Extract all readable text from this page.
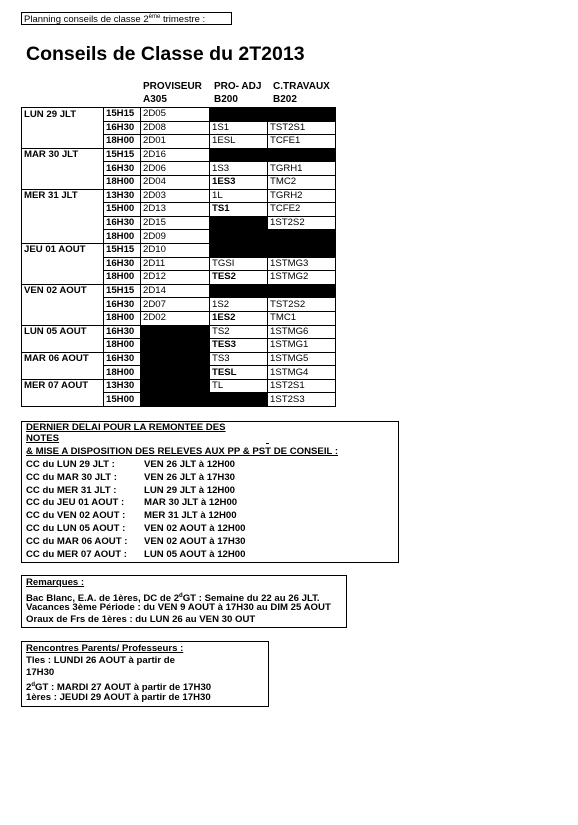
Planning conseils de classe 2ème trimestre :
Conseils de Classe du 2T2013
PROVISEUR
A305
PRO- ADJ
B200
C.TRAVAUX
B202
LUN 29 JLT	15H15	2D05		
	16H30	2D08	1S1	TST2S1
	18H00	2D01	1ESL	TCFE1
MAR 30 JLT	15H15	2D16		
	16H30	2D06	1S3	TGRH1
	18H00	2D04	1ES3	TMC2
MER 31 JLT	13H30	2D03	1L	TGRH2
	15H00	2D13	TS1	TCFE2
	16H30	2D15		1ST2S2
	18H00	2D09		
JEU 01 AOUT	15H15	2D10		
	16H30	2D11	TGSI	1STMG3
	18H00	2D12	TES2	1STMG2
VEN 02 AOUT	15H15	2D14		
	16H30	2D07	1S2	TST2S2
	18H00	2D02	1ES2	TMC1
LUN 05 AOUT	16H30		TS2	1STMG6
	18H00		TES3	1STMG1
MAR 06 AOUT	16H30		TS3	1STMG5
	18H00		TESL	1STMG4
MER 07 AOUT	13H30		TL	1ST2S1
	15H00			1ST2S3
DERNIER DELAI POUR LA REMONTEE DES
NOTES
& MISE A DISPOSITION DES RELEVES AUX PP & PST DE CONSEIL :
CC du LUN 29 JLT :	VEN 26 JLT à 12H00
CC du MAR 30 JLT :	VEN 26 JLT à 17H30
CC du MER 31 JLT :	LUN 29 JLT à 12H00
CC du JEU 01 AOUT : MAR 30 JLT à 12H00
CC du VEN 02 AOUT : MER 31 JLT à 12H00
CC du LUN 05 AOUT : VEN 02 AOUT à 12H00
CC du MAR 06 AOUT : VEN 02 AOUT à 17H30
CC du MER 07 AOUT : LUN 05 AOUT à 12H00
Remarques :
Bac Blanc, E.A. de 1ères, DC de 2$^d$GT : Semaine du 22 au 26 JLT.
Vacances 3ème Période : du VEN 9 AOUT à 17H30 au DIM 25 AOUT
Oraux de Frs de 1ères : du LUN 26 au VEN 30 OUT
Rencontres Parents/ Professeurs :
Tles : LUNDI 26 AOUT à partir de
17H30
2$^d$GT : MARDI 27 AOUT à partir de 17H30
1ères : JEUDI 29 AOUT à partir de 17H30
